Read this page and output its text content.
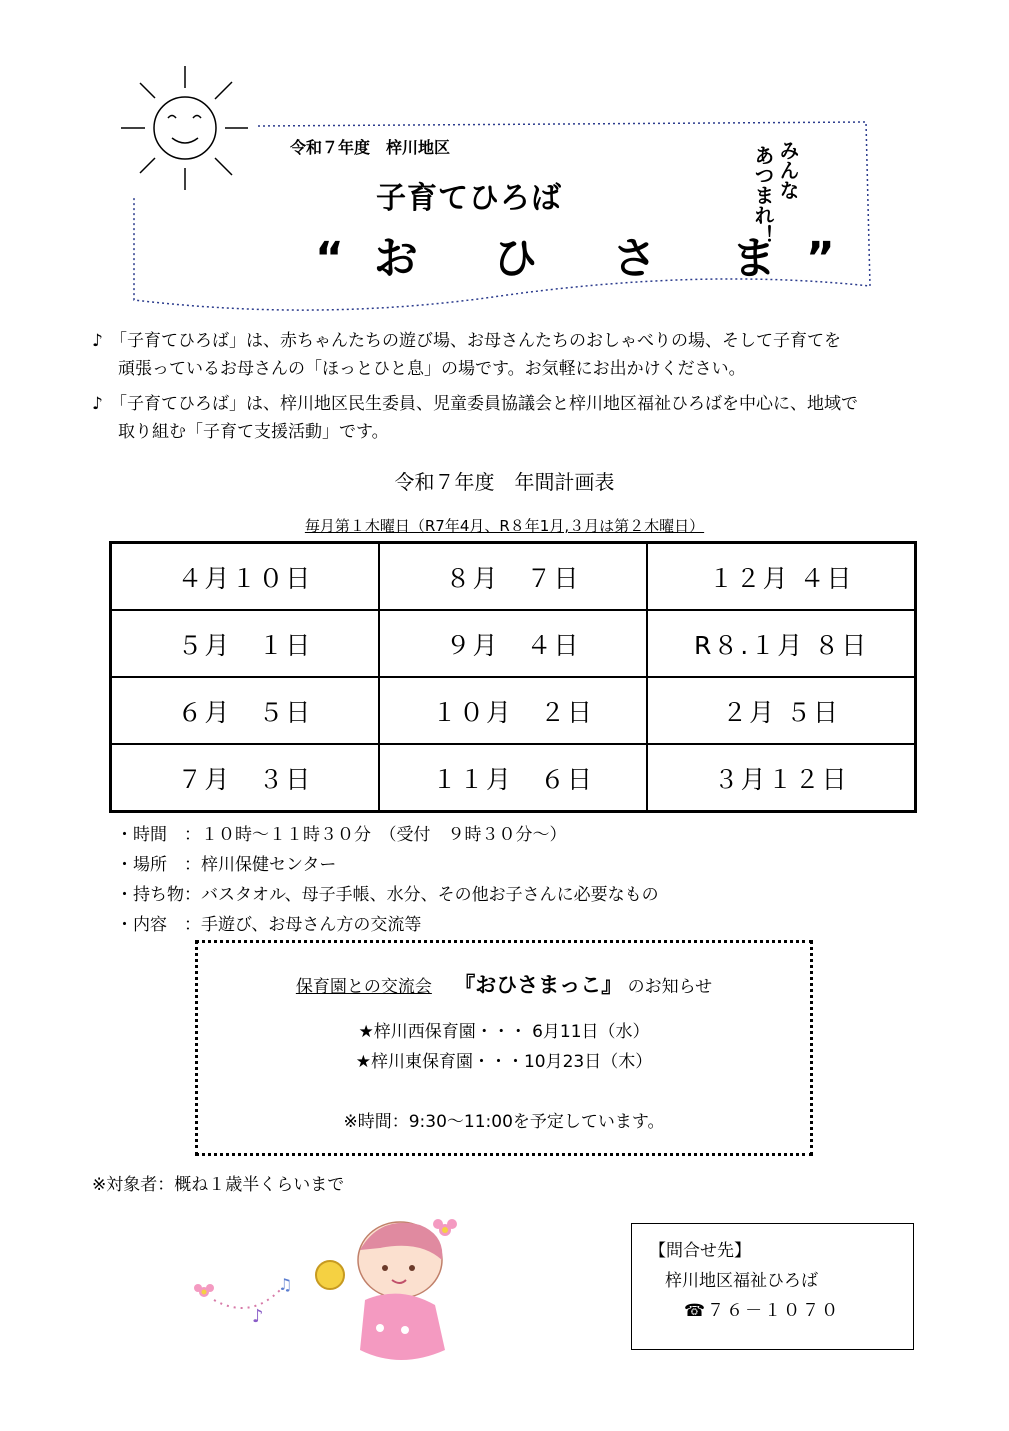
令和７年度　梓川地区
子育てひろば
“お ひ さ ま”
みんな
あつまれ！
♪ 「子育てひろば」は、赤ちゃんたちの遊び場、お母さんたちのおしゃべりの場、そして子育てを
頑張っているお母さんの「ほっとひと息」の場です。お気軽にお出かけください。
♪ 「子育てひろば」は、梓川地区民生委員、児童委員協議会と梓川地区福祉ひろばを中心に、地域で
取り組む「子育て支援活動」です。
令和７年度　年間計画表
毎月第１木曜日（R7年4月、R８年1月,３月は第２木曜日）
４月１０日	８月　７日	１２月 ４日
５月　１日	９月　４日	R８.１月 ８日
６月　５日	１０月　２日	２月 ５日
７月　３日	１１月　６日	３月１２日
・時間　：１０時～１１時３０分　（受付　９時３０分～）
・場所　：梓川保健センター
・持ち物：バスタオル、母子手帳、水分、その他お子さんに必要なもの
・内容　：手遊び、お母さん方の交流等
保育園との交流会　 『おひさまっこ』 のお知らせ
★梓川西保育園・・・ 6月11日（水）
★梓川東保育園・・・10月23日（木）
※時間：9:30～11:00を予定しています。
※対象者：概ね１歳半くらいまで
♪
♫
【問合せ先】
梓川地区福祉ひろば
☎７６－１０７０
